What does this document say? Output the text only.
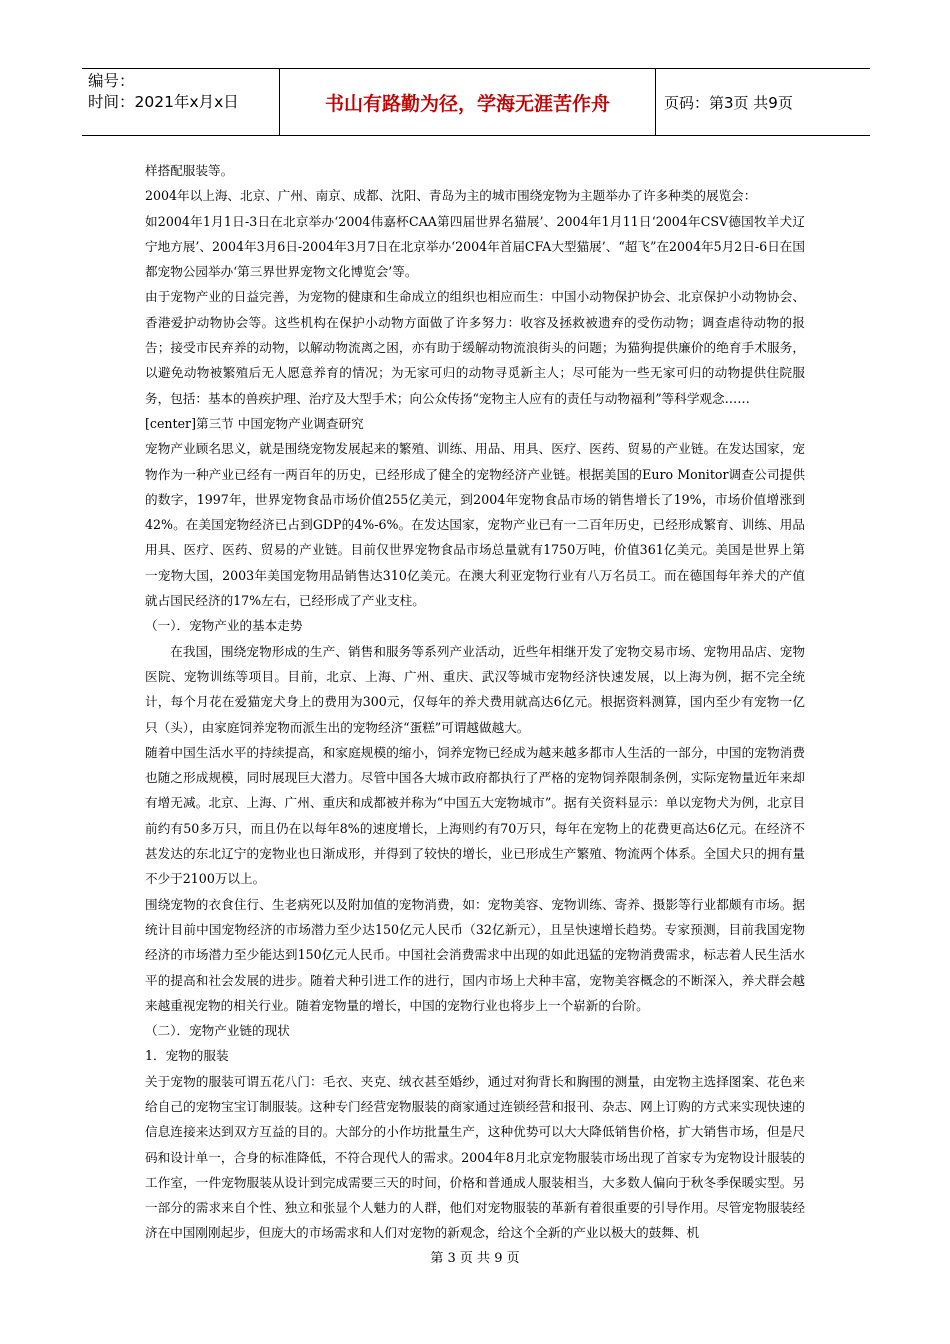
编号：
时间：2021年x月x日	书山有路勤为径，学海无涯苦作舟	页码：第3页 共9页

样搭配服装等。

2004年以上海、北京、广州、南京、成都、沈阳、青岛为主的城市围绕宠物为主题举办了许多种类的展览会：

如2004年1月1日-3日在北京举办‘2004伟嘉杯CAA第四届世界名猫展’、2004年1月11日‘2004年CSV德国牧羊犬辽宁地方展’、2004年3月6日-2004年3月7日在北京举办‘2004年首届CFA大型猫展’、“超飞”在2004年5月2日-6日在国都宠物公园举办‘第三界世界宠物文化博览会’等。

由于宠物产业的日益完善，为宠物的健康和生命成立的组织也相应而生：中国小动物保护协会、北京保护小动物协会、香港爱护动物协会等。这些机构在保护小动物方面做了许多努力：收容及拯救被遗弃的受伤动物；调查虐待动物的报告；接受市民弃养的动物，以解动物流离之困，亦有助于缓解动物流浪街头的问题；为猫狗提供廉价的绝育手术服务，以避免动物被繁殖后无人愿意养育的情况；为无家可归的动物寻觅新主人；尽可能为一些无家可归的动物提供住院服务，包括：基本的兽疾护理、治疗及大型手术；向公众传扬“宠物主人应有的责任与动物福利”等科学观念……

[center]第三节 中国宠物产业调查研究

宠物产业顾名思义，就是围绕宠物发展起来的繁殖、训练、用品、用具、医疗、医药、贸易的产业链。在发达国家，宠物作为一种产业已经有一两百年的历史，已经形成了健全的宠物经济产业链。根据美国的Euro Monitor调查公司提供的数字，1997年，世界宠物食品市场价值255亿美元，到2004年宠物食品市场的销售增长了19%，市场价值增涨到42%。在美国宠物经济已占到GDP的4%-6%。在发达国家，宠物产业已有一二百年历史，已经形成繁育、训练、用品用具、医疗、医药、贸易的产业链。目前仅世界宠物食品市场总量就有1750万吨，价值361亿美元。美国是世界上第一宠物大国，2003年美国宠物用品销售达310亿美元。在澳大利亚宠物行业有八万名员工。而在德国每年养犬的产值就占国民经济的17%左右，已经形成了产业支柱。

（一）．宠物产业的基本走势

在我国，围绕宠物形成的生产、销售和服务等系列产业活动，近些年相继开发了宠物交易市场、宠物用品店、宠物医院、宠物训练等项目。目前，北京、上海、广州、重庆、武汉等城市宠物经济快速发展，以上海为例，据不完全统计，每个月花在爱猫宠犬身上的费用为300元，仅每年的养犬费用就高达6亿元。根据资料测算，国内至少有宠物一亿只（头），由家庭饲养宠物而派生出的宠物经济“蛋糕”可谓越做越大。

随着中国生活水平的持续提高，和家庭规模的缩小，饲养宠物已经成为越来越多都市人生活的一部分，中国的宠物消费也随之形成规模，同时展现巨大潜力。尽管中国各大城市政府都执行了严格的宠物饲养限制条例，实际宠物量近年来却有增无减。北京、上海、广州、重庆和成都被并称为“中国五大宠物城市”。据有关资料显示：单以宠物犬为例，北京目前约有50多万只，而且仍在以每年8%的速度增长，上海则约有70万只，每年在宠物上的花费更高达6亿元。在经济不甚发达的东北辽宁的宠物业也日渐成形，并得到了较快的增长，业已形成生产繁殖、物流两个体系。全国犬只的拥有量不少于2100万以上。

围绕宠物的衣食住行、生老病死以及附加值的宠物消费，如：宠物美容、宠物训练、寄养、摄影等行业都颇有市场。据统计目前中国宠物经济的市场潜力至少达150亿元人民币（32亿新元），且呈快速增长趋势。专家预测，目前我国宠物经济的市场潜力至少能达到150亿元人民币。中国社会消费需求中出现的如此迅猛的宠物消费需求，标志着人民生活水平的提高和社会发展的进步。随着犬种引进工作的进行，国内市场上犬种丰富，宠物美容概念的不断深入，养犬群会越来越重视宠物的相关行业。随着宠物量的增长，中国的宠物行业也将步上一个崭新的台阶。

（二）．宠物产业链的现状

1．宠物的服装

关于宠物的服装可谓五花八门：毛衣、夹克、绒衣甚至婚纱，通过对狗背长和胸围的测量，由宠物主选择图案、花色来给自己的宠物宝宝订制服装。这种专门经营宠物服装的商家通过连锁经营和报刊、杂志、网上订购的方式来实现快速的信息连接来达到双方互益的目的。大部分的小作坊批量生产，这种优势可以大大降低销售价格，扩大销售市场，但是尺码和设计单一，合身的标准降低，不符合现代人的需求。2004年8月北京宠物服装市场出现了首家专为宠物设计服装的工作室，一件宠物服装从设计到完成需要三天的时间，价格和普通成人服装相当，大多数人偏向于秋冬季保暖实型。另一部分的需求来自个性、独立和张显个人魅力的人群，他们对宠物服装的革新有着很重要的引导作用。尽管宠物服装经济在中国刚刚起步，但庞大的市场需求和人们对宠物的新观念，给这个全新的产业以极大的鼓舞、机

第 3 页 共 9 页
